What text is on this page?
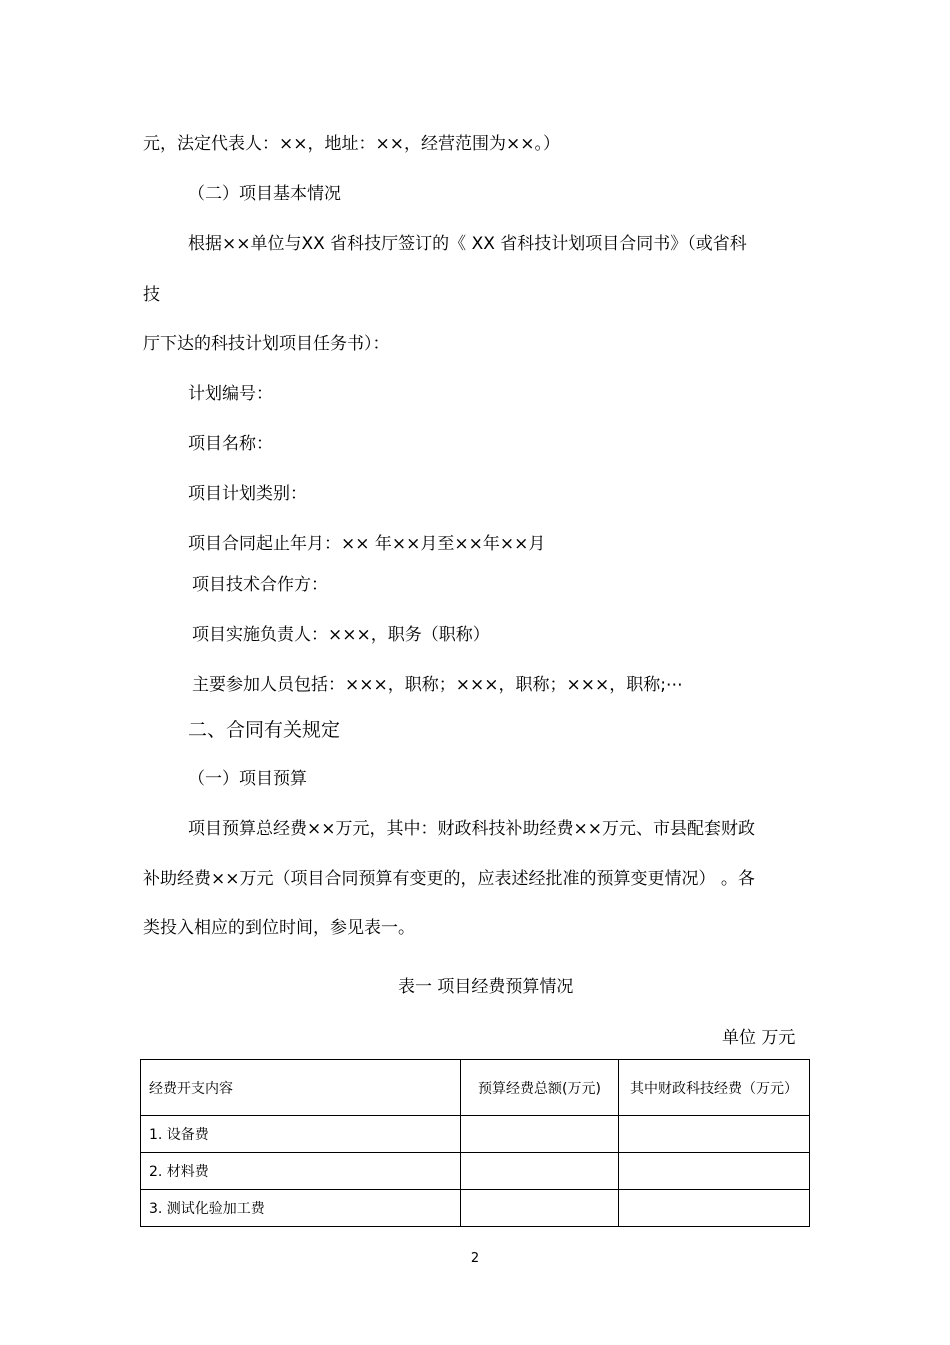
元，法定代表人：××，地址：××，经营范围为××。）
（二）项目基本情况
根据××单位与XX 省科技厅签订的《 XX 省科技计划项目合同书》（或省科
技
厅下达的科技计划项目任务书）：
计划编号：
项目名称：
项目计划类别：
项目合同起止年月：×× 年××月至××年××月
项目技术合作方：
项目实施负责人：×××，职务（职称）
主要参加人员包括：×××，职称；×××，职称；×××，职称;⋯
二、合同有关规定
（一）项目预算
项目预算总经费××万元，其中：财政科技补助经费××万元、市县配套财政
补助经费××万元（项目合同预算有变更的，应表述经批准的预算变更情况） 。各
类投入相应的到位时间，参见表一。
表一 项目经费预算情况
单位 万元
经费开支内容	预算经费总额(万元)	其中财政科技经费（万元）
1. 设备费		
2. 材料费		
3. 测试化验加工费		
2
